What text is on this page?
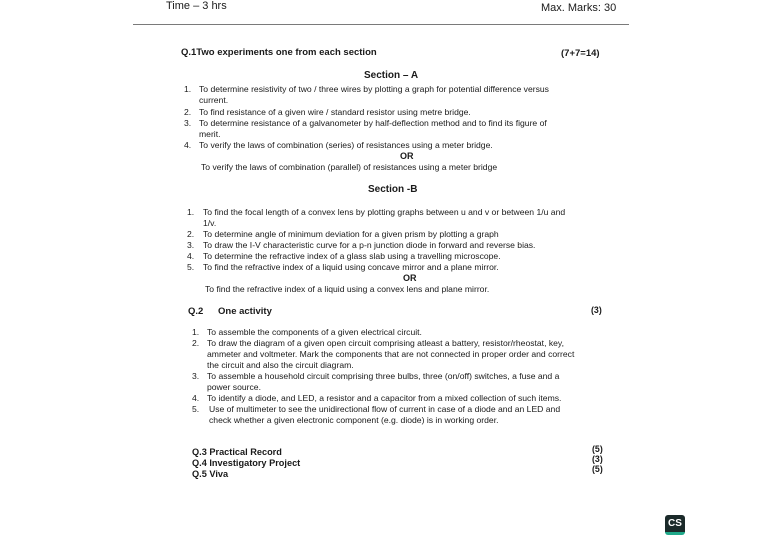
Time – 3 hrs	Max. Marks: 30
Q.1Two experiments one from each section	(7+7=14)
Section – A
1. To determine resistivity of two / three wires by plotting a graph for potential difference versus
current.
2. To find resistance of a given wire / standard resistor using metre bridge.
3. To determine resistance of a galvanometer by half-deflection method and to find its figure of
merit.
4. To verify the laws of combination (series) of resistances using a meter bridge.
OR
To verify the laws of combination (parallel) of resistances using a meter bridge
Section -B
1. To find the focal length of a convex lens by plotting graphs between u and v or between 1/u and
1/v.
2. To determine angle of minimum deviation for a given prism by plotting a graph
3. To draw the I-V characteristic curve for a p-n junction diode in forward and reverse bias.
4. To determine the refractive index of a glass slab using a travelling microscope.
5. To find the refractive index of a liquid using concave mirror and a plane mirror.
OR
To find the refractive index of a liquid using a convex lens and plane mirror.
Q.2 One activity	(3)
1. To assemble the components of a given electrical circuit.
2. To draw the diagram of a given open circuit comprising atleast a battery, resistor/rheostat, key,
ammeter and voltmeter. Mark the components that are not connected in proper order and correct
the circuit and also the circuit diagram.
3. To assemble a household circuit comprising three bulbs, three (on/off) switches, a fuse and a
power source.
4. To identify a diode, and LED, a resistor and a capacitor from a mixed collection of such items.
5. Use of multimeter to see the unidirectional flow of current in case of a diode and an LED and
check whether a given electronic component (e.g. diode) is in working order.
Q.3 Practical Record	(5)
Q.4 Investigatory Project	(3)
Q.5 Viva	(5)
CS
